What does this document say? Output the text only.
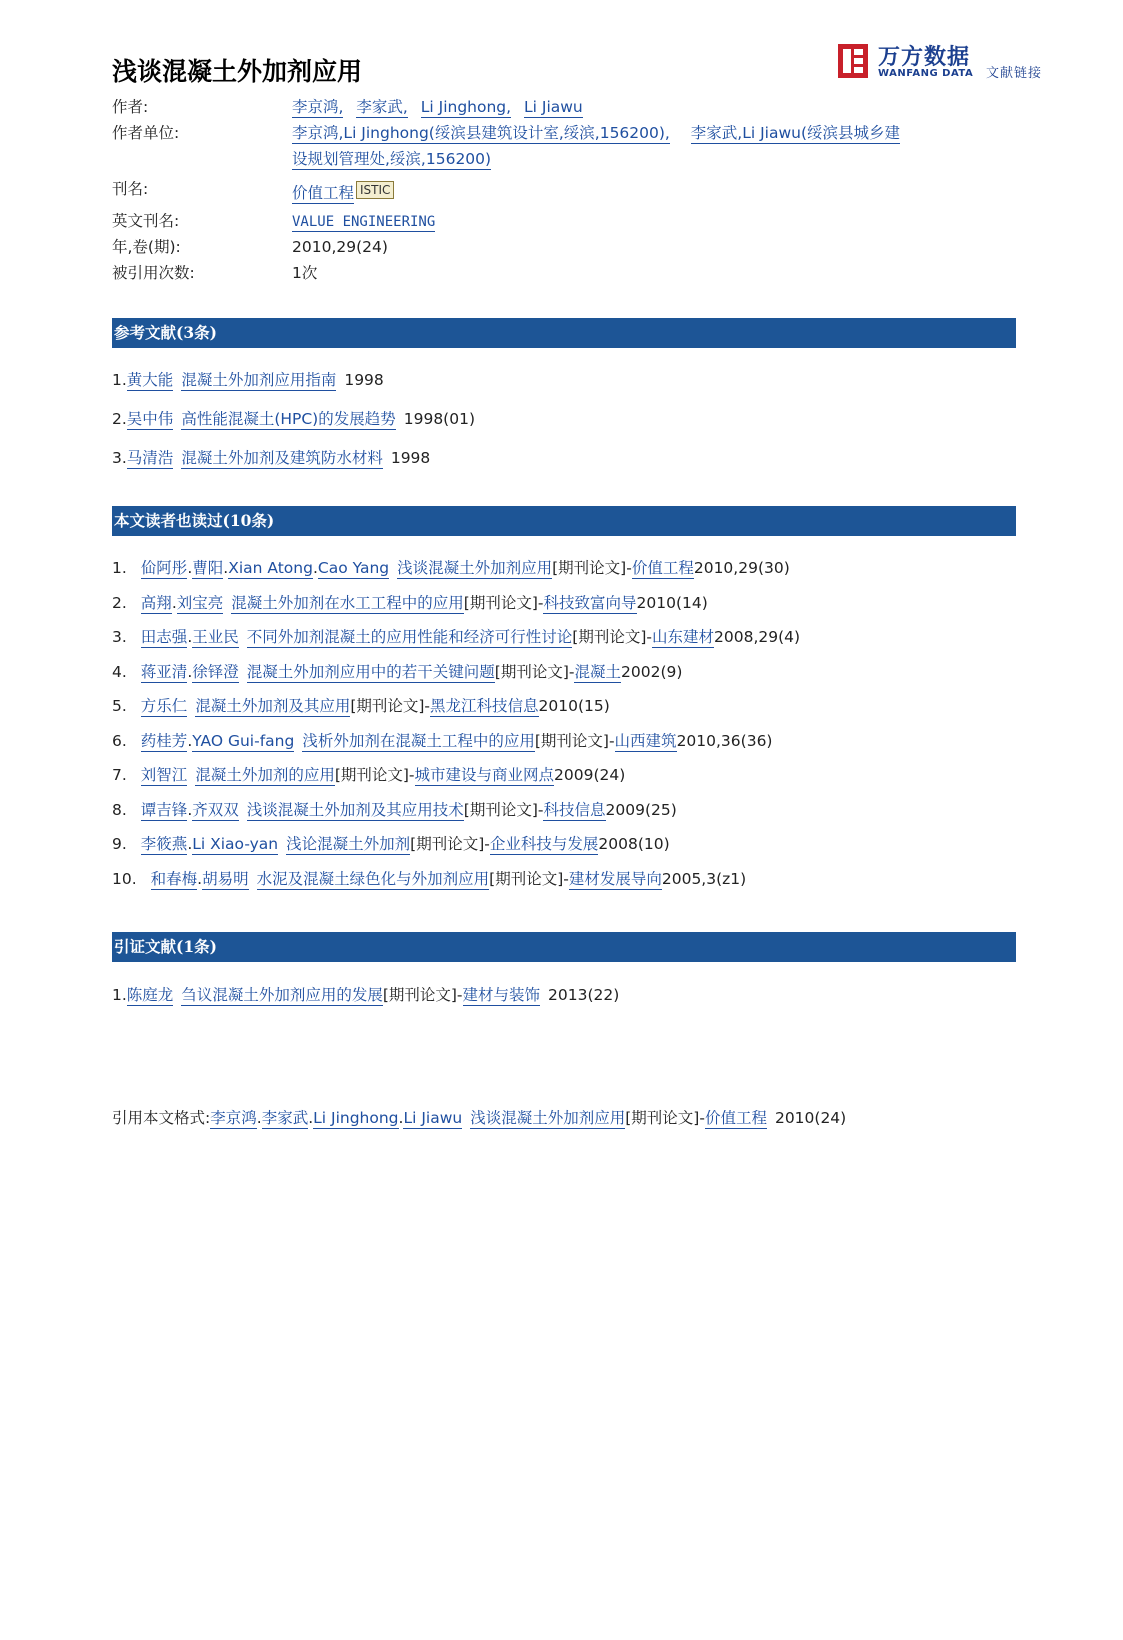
浅谈混凝土外加剂应用	万方数据
WANFANG DATA 文献链接
作者:	李京鸿, 李家武, Li Jinghong, Li Jiawu
作者单位:	李京鸿,Li Jinghong(绥滨县建筑设计室,绥滨,156200), 李家武,Li Jiawu(绥滨县城乡建
设规划管理处,绥滨,156200)
刊名:	价值工程 ISTIC
英文刊名:	VALUE ENGINEERING
年,卷(期):	2010,29(24)
被引用次数:	1次
参考文献(3条)
1.黄大能 混凝土外加剂应用指南 1998
2.吴中伟 高性能混凝土(HPC)的发展趋势 1998(01)
3.马清浩 混凝土外加剂及建筑防水材料 1998
本文读者也读过(10条)
1. 佡阿彤.曹阳.Xian Atong.Cao Yang 浅谈混凝土外加剂应用[期刊论文]-价值工程2010,29(30)
2. 高翔.刘宝亮 混凝土外加剂在水工工程中的应用[期刊论文]-科技致富向导2010(14)
3. 田志强.王业民 不同外加剂混凝土的应用性能和经济可行性讨论[期刊论文]-山东建材2008,29(4)
4. 蒋亚清.徐铎澄 混凝土外加剂应用中的若干关键问题[期刊论文]-混凝土2002(9)
5. 方乐仁 混凝土外加剂及其应用[期刊论文]-黑龙江科技信息2010(15)
6. 药桂芳.YAO Gui-fang 浅析外加剂在混凝土工程中的应用[期刊论文]-山西建筑2010,36(36)
7. 刘智江 混凝土外加剂的应用[期刊论文]-城市建设与商业网点2009(24)
8. 谭吉锋.齐双双 浅谈混凝土外加剂及其应用技术[期刊论文]-科技信息2009(25)
9. 李筱燕.Li Xiao-yan 浅论混凝土外加剂[期刊论文]-企业科技与发展2008(10)
10. 和春梅.胡易明 水泥及混凝土绿色化与外加剂应用[期刊论文]-建材发展导向2005,3(z1)
引证文献(1条)
1.陈庭龙 刍议混凝土外加剂应用的发展[期刊论文]-建材与装饰 2013(22)
引用本文格式:李京鸿.李家武.Li Jinghong.Li Jiawu 浅谈混凝土外加剂应用[期刊论文]-价值工程 2010(24)
